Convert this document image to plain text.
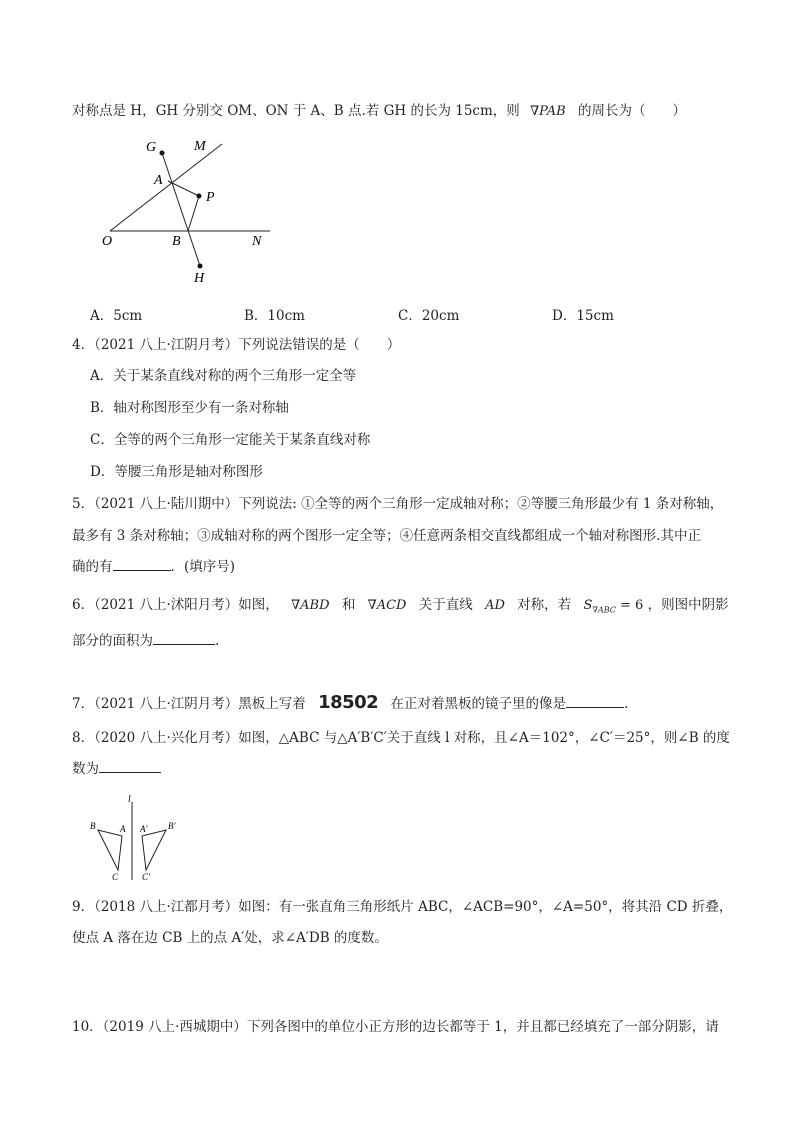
对称点是 H，GH 分别交 OM、ON 于 A、B 点.若 GH 的长为 15cm，则 ∇PAB 的周长为（　　）
G	M
A
P
O	B	N
H
A．5cm	B．10cm	C．20cm	D．15cm
4．（2021 八上·江阴月考）下列说法错误的是（　　）
A．关于某条直线对称的两个三角形一定全等
B．轴对称图形至少有一条对称轴
C．全等的两个三角形一定能关于某条直线对称
D．等腰三角形是轴对称图形
5．（2021 八上·陆川期中）下列说法: ①全等的两个三角形一定成轴对称；②等腰三角形最少有 1 条对称轴，
最多有 3 条对称轴；③成轴对称的两个图形一定全等；④任意两条相交直线都组成一个轴对称图形.其中正
确的有	．(填序号)
6．（2021 八上·沭阳月考）如图， ∇ABD 和 ∇ACD 关于直线 AD 对称，若 $S_{\nabla ABC} = 6$ ，则图中阴影
部分的面积为	.
7．（2021 八上·江阴月考）黑板上写着 18502 在正对着黑板的镜子里的像是	.
8．（2020 八上·兴化月考）如图，△ABC 与△A′B′C′关于直线 l 对称，且∠A＝102°，∠C′＝25°，则∠B 的度
数为
l
B	A
C
A′ B′
C′
9．（2018 八上·江都月考）如图：有一张直角三角形纸片 ABC，∠ACB=90°，∠A=50°，将其沿 CD 折叠，
使点 A 落在边 CB 上的点 A′处，求∠A′DB 的度数。
10．（2019 八上·西城期中）下列各图中的单位小正方形的边长都等于 1，并且都已经填充了一部分阴影，请
